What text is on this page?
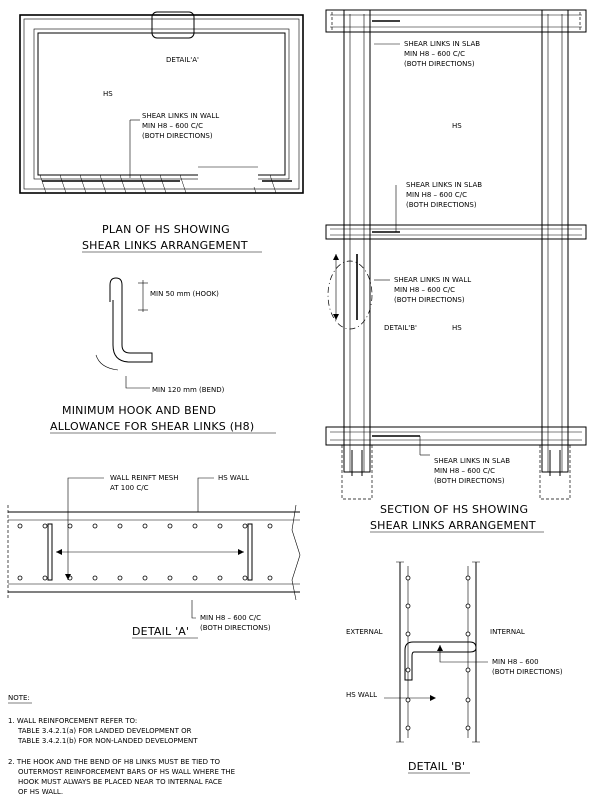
DETAIL'A'
HS
SHEAR LINKS IN WALL
MIN H8 – 600 C/C
(BOTH DIRECTIONS)
PLAN OF HS SHOWING
SHEAR LINKS ARRANGEMENT
MIN 50 mm (HOOK)
MIN 120 mm (BEND)
MINIMUM HOOK AND BEND
ALLOWANCE FOR SHEAR LINKS (H8)
WALL REINFT MESH
AT 100 C/C
HS WALL
MIN H8 – 600 C/C
(BOTH DIRECTIONS)
DETAIL 'A'
SHEAR LINKS IN SLAB
MIN H8 – 600 C/C
(BOTH DIRECTIONS)
HS
SHEAR LINKS IN SLAB
MIN H8 – 600 C/C
(BOTH DIRECTIONS)
SHEAR LINKS IN WALL
MIN H8 – 600 C/C
(BOTH DIRECTIONS)
DETAIL'B'	HS
SHEAR LINKS IN SLAB
MIN H8 – 600 C/C
(BOTH DIRECTIONS)
SECTION OF HS SHOWING
SHEAR LINKS ARRANGEMENT
EXTERNAL	INTERNAL
MIN H8 – 600
(BOTH DIRECTIONS)
HS WALL
DETAIL 'B'
NOTE:
1. WALL REINFORCEMENT REFER TO:
TABLE 3.4.2.1(a) FOR LANDED DEVELOPMENT OR
TABLE 3.4.2.1(b) FOR NON-LANDED DEVELOPMENT
2. THE HOOK AND THE BEND OF H8 LINKS MUST BE TIED TO
OUTERMOST REINFORCEMENT BARS OF HS WALL WHERE THE
HOOK MUST ALWAYS BE PLACED NEAR TO INTERNAL FACE
OF HS WALL.
